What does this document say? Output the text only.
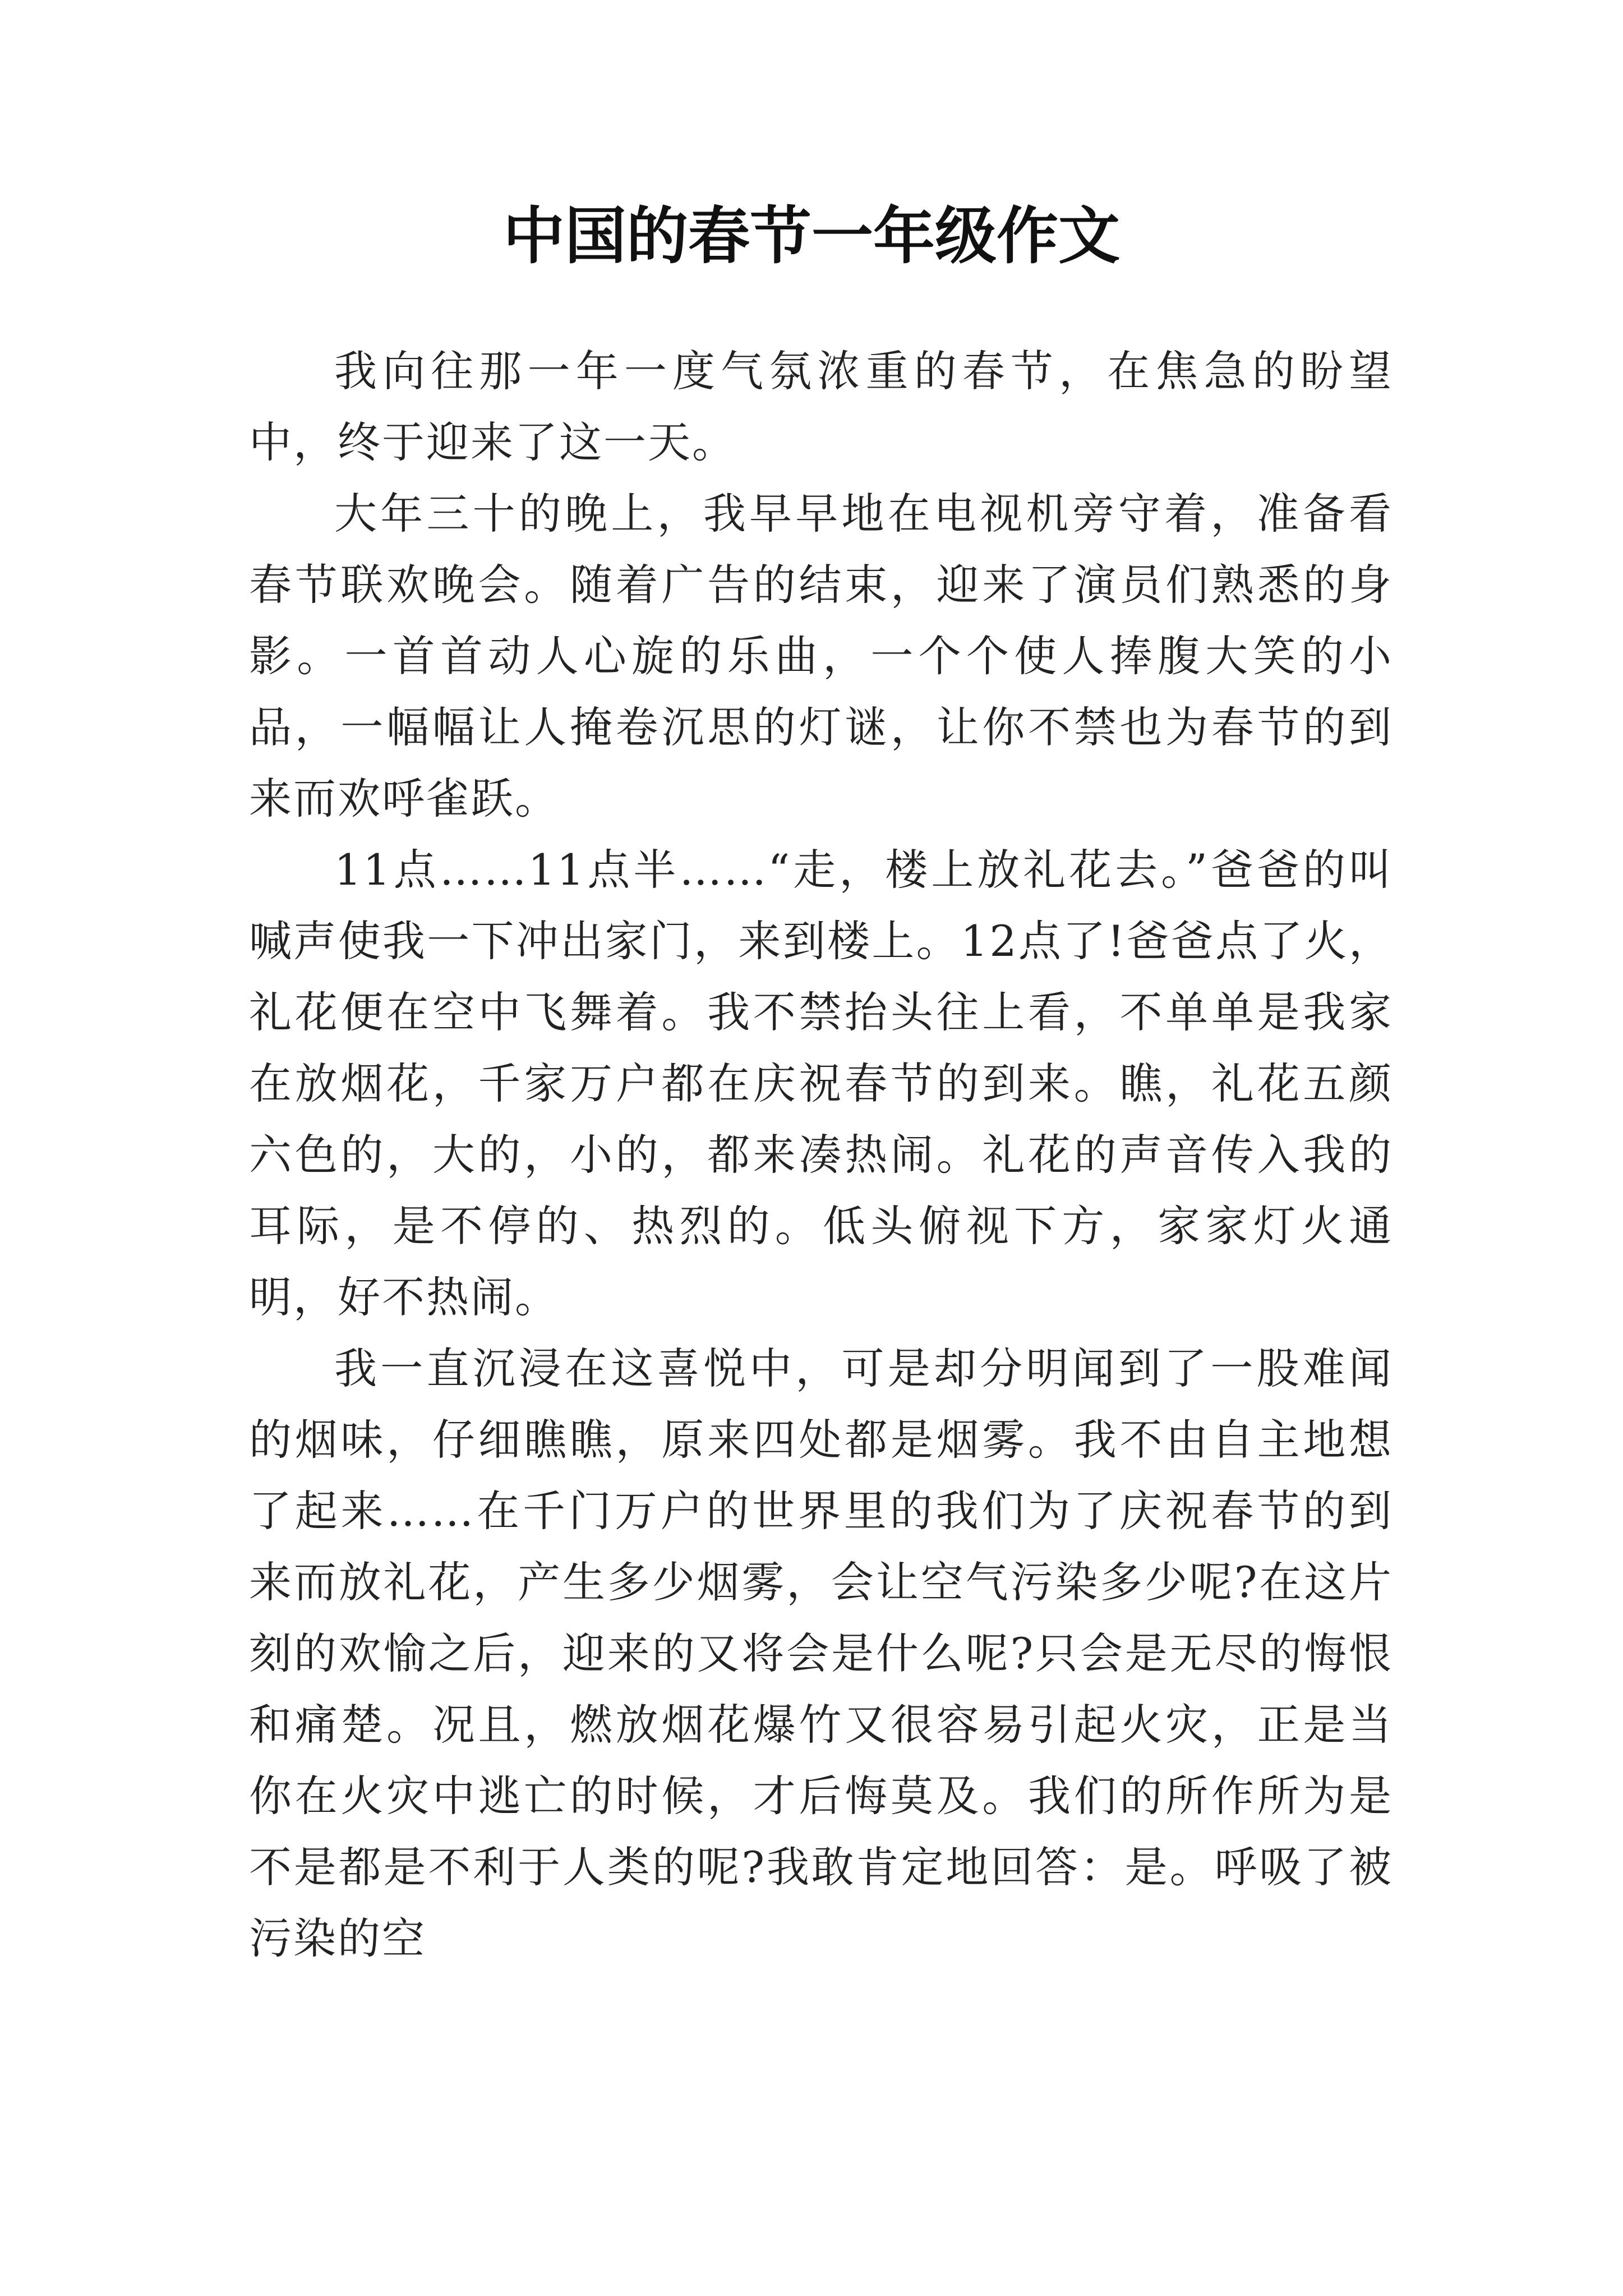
中国的春节一年级作文

我向往那一年一度气氛浓重的春节，在焦急的盼望中，终于迎来了这一天。

大年三十的晚上，我早早地在电视机旁守着，准备看春节联欢晚会。随着广告的结束，迎来了演员们熟悉的身影。一首首动人心旋的乐曲，一个个使人捧腹大笑的小品，一幅幅让人掩卷沉思的灯谜，让你不禁也为春节的到来而欢呼雀跃。

11点……11点半……“走，楼上放礼花去。”爸爸的叫喊声使我一下冲出家门，来到楼上。12点了!爸爸点了火，礼花便在空中飞舞着。我不禁抬头往上看，不单单是我家在放烟花，千家万户都在庆祝春节的到来。瞧，礼花五颜六色的，大的，小的，都来凑热闹。礼花的声音传入我的耳际，是不停的、热烈的。低头俯视下方，家家灯火通明，好不热闹。

我一直沉浸在这喜悦中，可是却分明闻到了一股难闻的烟味，仔细瞧瞧，原来四处都是烟雾。我不由自主地想了起来……在千门万户的世界里的我们为了庆祝春节的到来而放礼花，产生多少烟雾，会让空气污染多少呢?在这片刻的欢愉之后，迎来的又将会是什么呢?只会是无尽的悔恨和痛楚。况且，燃放烟花爆竹又很容易引起火灾，正是当你在火灾中逃亡的时候，才后悔莫及。我们的所作所为是不是都是不利于人类的呢?我敢肯定地回答：是。呼吸了被污染的空
